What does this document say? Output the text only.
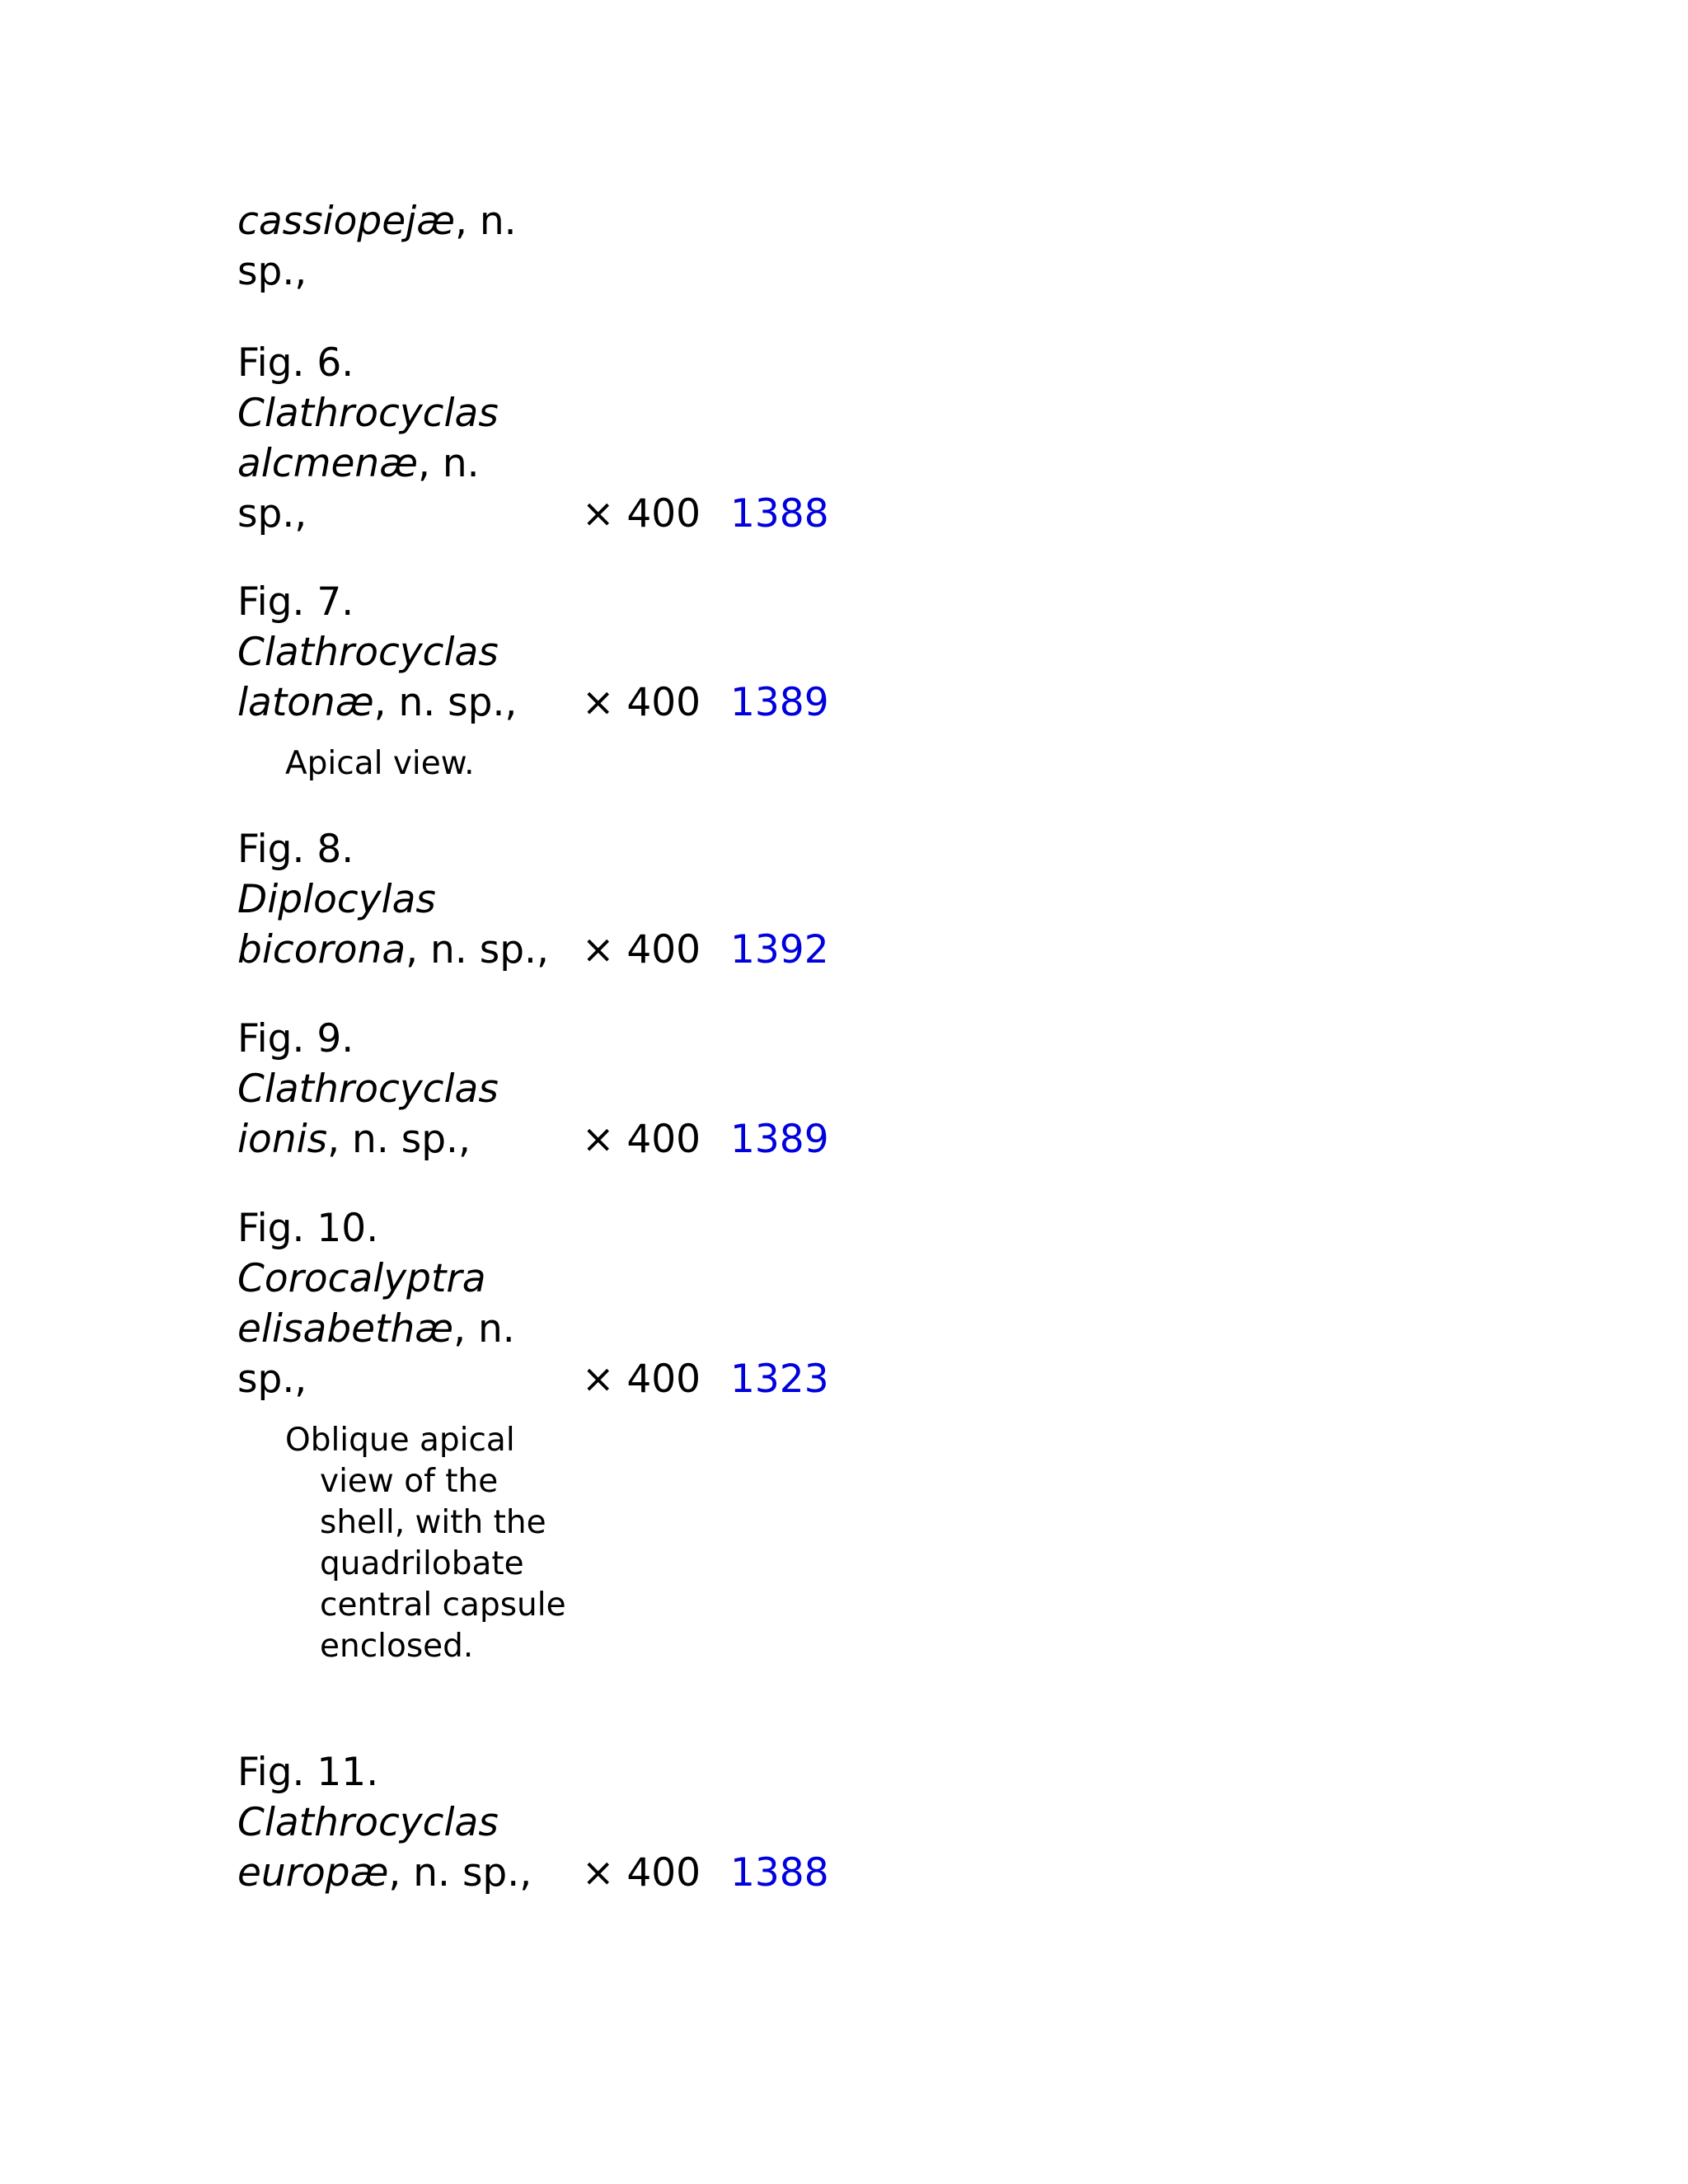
cassiopejæ, n.
sp.,
Fig. 6.
Clathrocyclas
alcmenæ, n.
sp.,	× 400 1388
Fig. 7.
Clathrocyclas
latonæ, n. sp., × 400 1389
Apical view.
Fig. 8.
Diplocylas
bicorona, n. sp., × 400 1392
Fig. 9.
Clathrocyclas
ionis, n. sp.,	× 400 1389
Fig. 10.
Corocalyptra
elisabethæ, n.
sp.,	× 400 1323
Oblique apical view of the shell, with the quadrilobate central capsule enclosed.
Fig. 11.
Clathrocyclas
europæ, n. sp., × 400 1388
